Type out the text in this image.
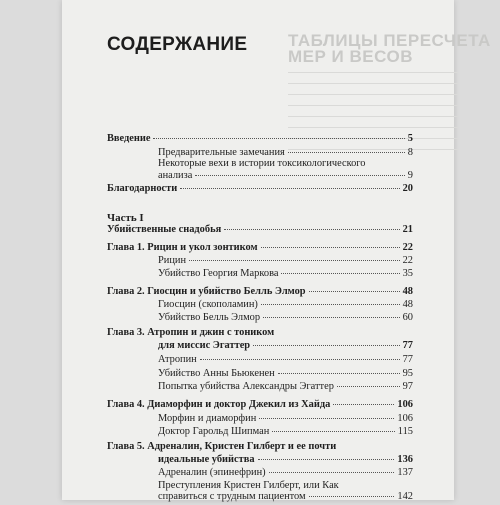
ТАБЛИЦЫ ПЕРЕСЧЕТА
МЕР И ВЕСОВ
СОДЕРЖАНИЕ
Введение	5
Предварительные замечания	8
Некоторые вехи в истории токсикологического
анализа	9
Благодарности	20
Часть I
Убийственные снадобья	21
Глава 1. Рицин и укол зонтиком	22
Рицин	22
Убийство Георгия Маркова	35
Глава 2. Гиосцин и убийство Белль Элмор	48
Гиосцин (скополамин)	48
Убийство Белль Элмор	60
Глава 3. Атропин и джин с тоником
для миссис Эгаттер	77
Атропин	77
Убийство Анны Бьюкенен	95
Попытка убийства Александры Эгаттер	97
Глава 4. Диаморфин и доктор Джекил из Хайда	106
Морфин и диаморфин	106
Доктор Гарольд Шипман	115
Глава 5. Адреналин, Кристен Гилберт и ее почти
идеальные убийства	136
Адреналин (эпинефрин)	137
Преступления Кристен Гилберт, или Как
справиться с трудным пациентом	142
